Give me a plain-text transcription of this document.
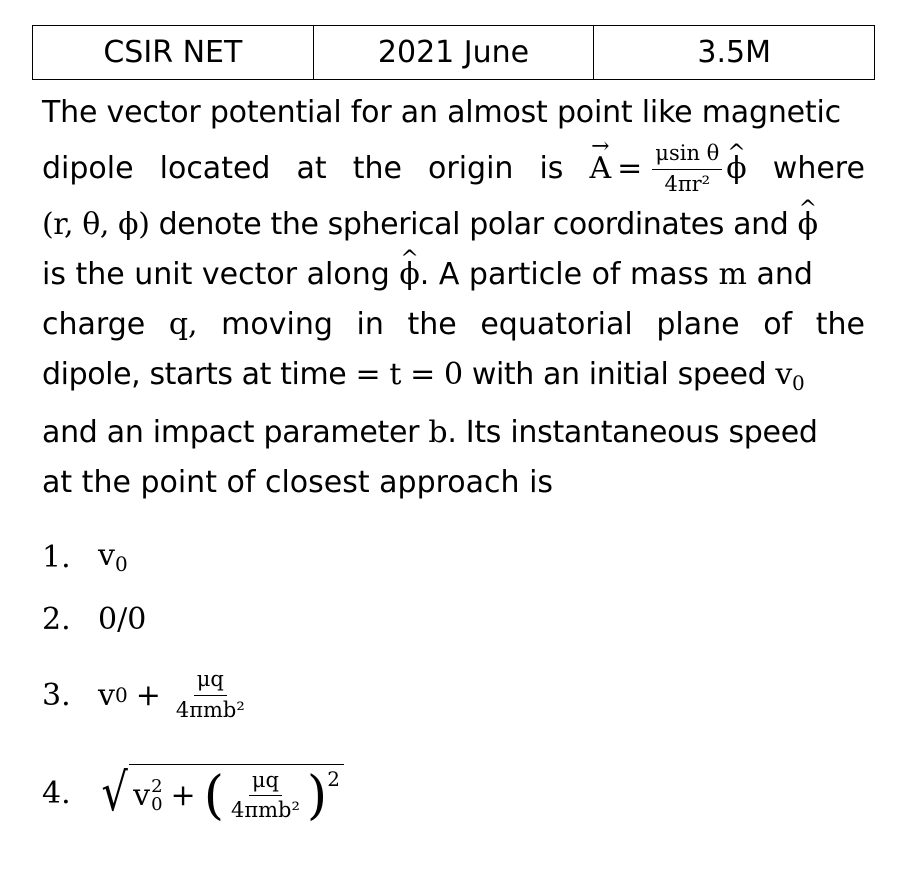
CSIR NET	2021 June	3.5M
The vector potential for an almost point like magnetic
dipole located at the origin is → $A = \frac{\text{μsin θ}}{\text{4πr²}}$ ^ ϕ where
(r, θ, ϕ) denote the spherical polar coordinates and ^ ϕ
is the unit vector along ^ ϕ. A particle of mass m and
charge q, moving in the equatorial plane of the
dipole, starts at time = t = 0 with an initial speed $v_0$
and an impact parameter b. Its instantaneous speed
at the point of closest approach is
1. $v_0$
2. 0/0
3. v $0 + \frac{\mu q}{\text{4πmb²}}$
4. √ v 2
0 + ( $\frac{\mu q}{\text{4πmb²}}$ ) 2
